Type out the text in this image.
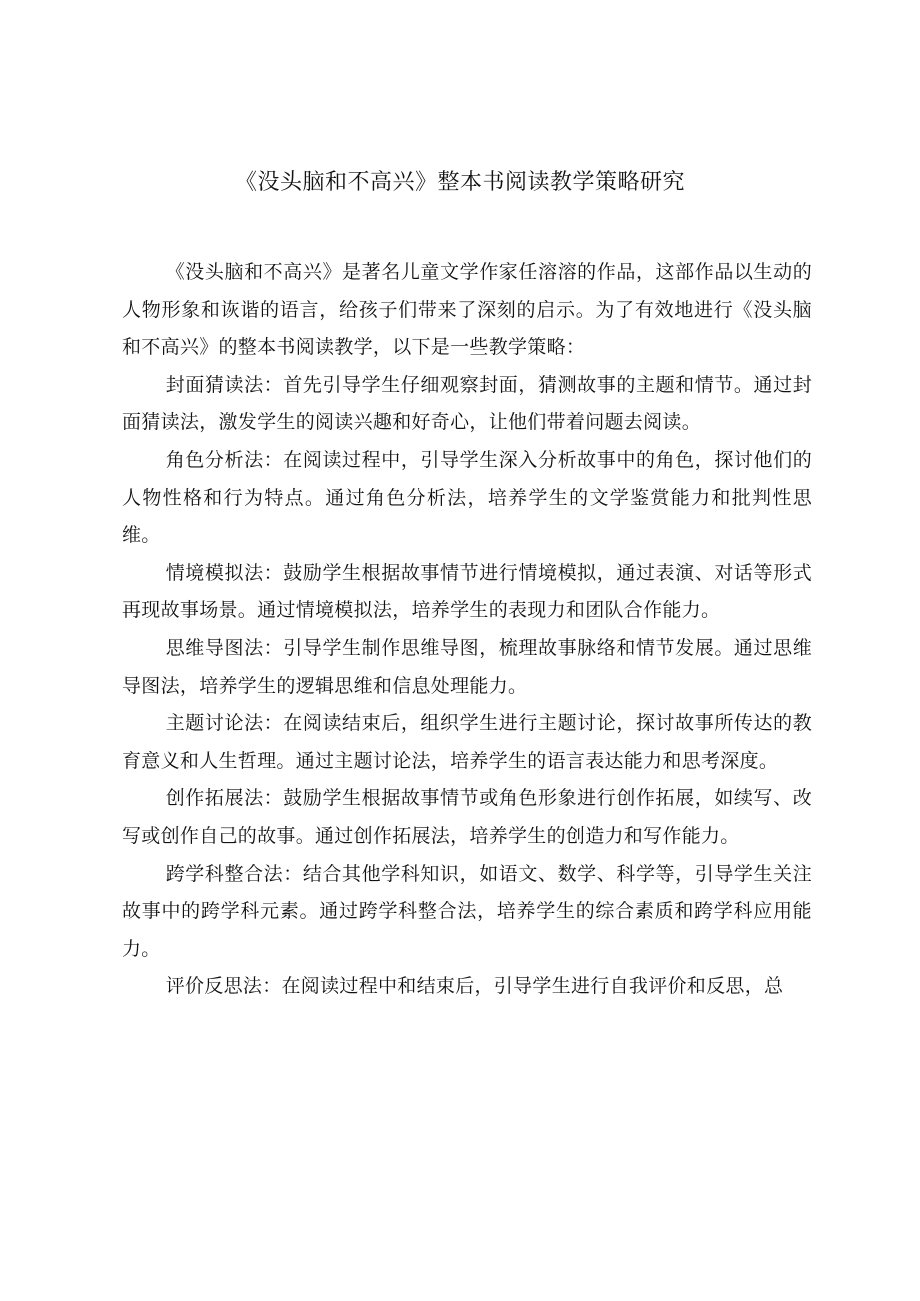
《没头脑和不高兴》整本书阅读教学策略研究

《没头脑和不高兴》是著名儿童文学作家任溶溶的作品，这部作品以生动的人物形象和诙谐的语言，给孩子们带来了深刻的启示。为了有效地进行《没头脑和不高兴》的整本书阅读教学，以下是一些教学策略：

封面猜读法：首先引导学生仔细观察封面，猜测故事的主题和情节。通过封面猜读法，激发学生的阅读兴趣和好奇心，让他们带着问题去阅读。

角色分析法：在阅读过程中，引导学生深入分析故事中的角色，探讨他们的人物性格和行为特点。通过角色分析法，培养学生的文学鉴赏能力和批判性思维。

情境模拟法：鼓励学生根据故事情节进行情境模拟，通过表演、对话等形式再现故事场景。通过情境模拟法，培养学生的表现力和团队合作能力。

思维导图法：引导学生制作思维导图，梳理故事脉络和情节发展。通过思维导图法，培养学生的逻辑思维和信息处理能力。

主题讨论法：在阅读结束后，组织学生进行主题讨论，探讨故事所传达的教育意义和人生哲理。通过主题讨论法，培养学生的语言表达能力和思考深度。

创作拓展法：鼓励学生根据故事情节或角色形象进行创作拓展，如续写、改写或创作自己的故事。通过创作拓展法，培养学生的创造力和写作能力。

跨学科整合法：结合其他学科知识，如语文、数学、科学等，引导学生关注故事中的跨学科元素。通过跨学科整合法，培养学生的综合素质和跨学科应用能力。

评价反思法：在阅读过程中和结束后，引导学生进行自我评价和反思，总
